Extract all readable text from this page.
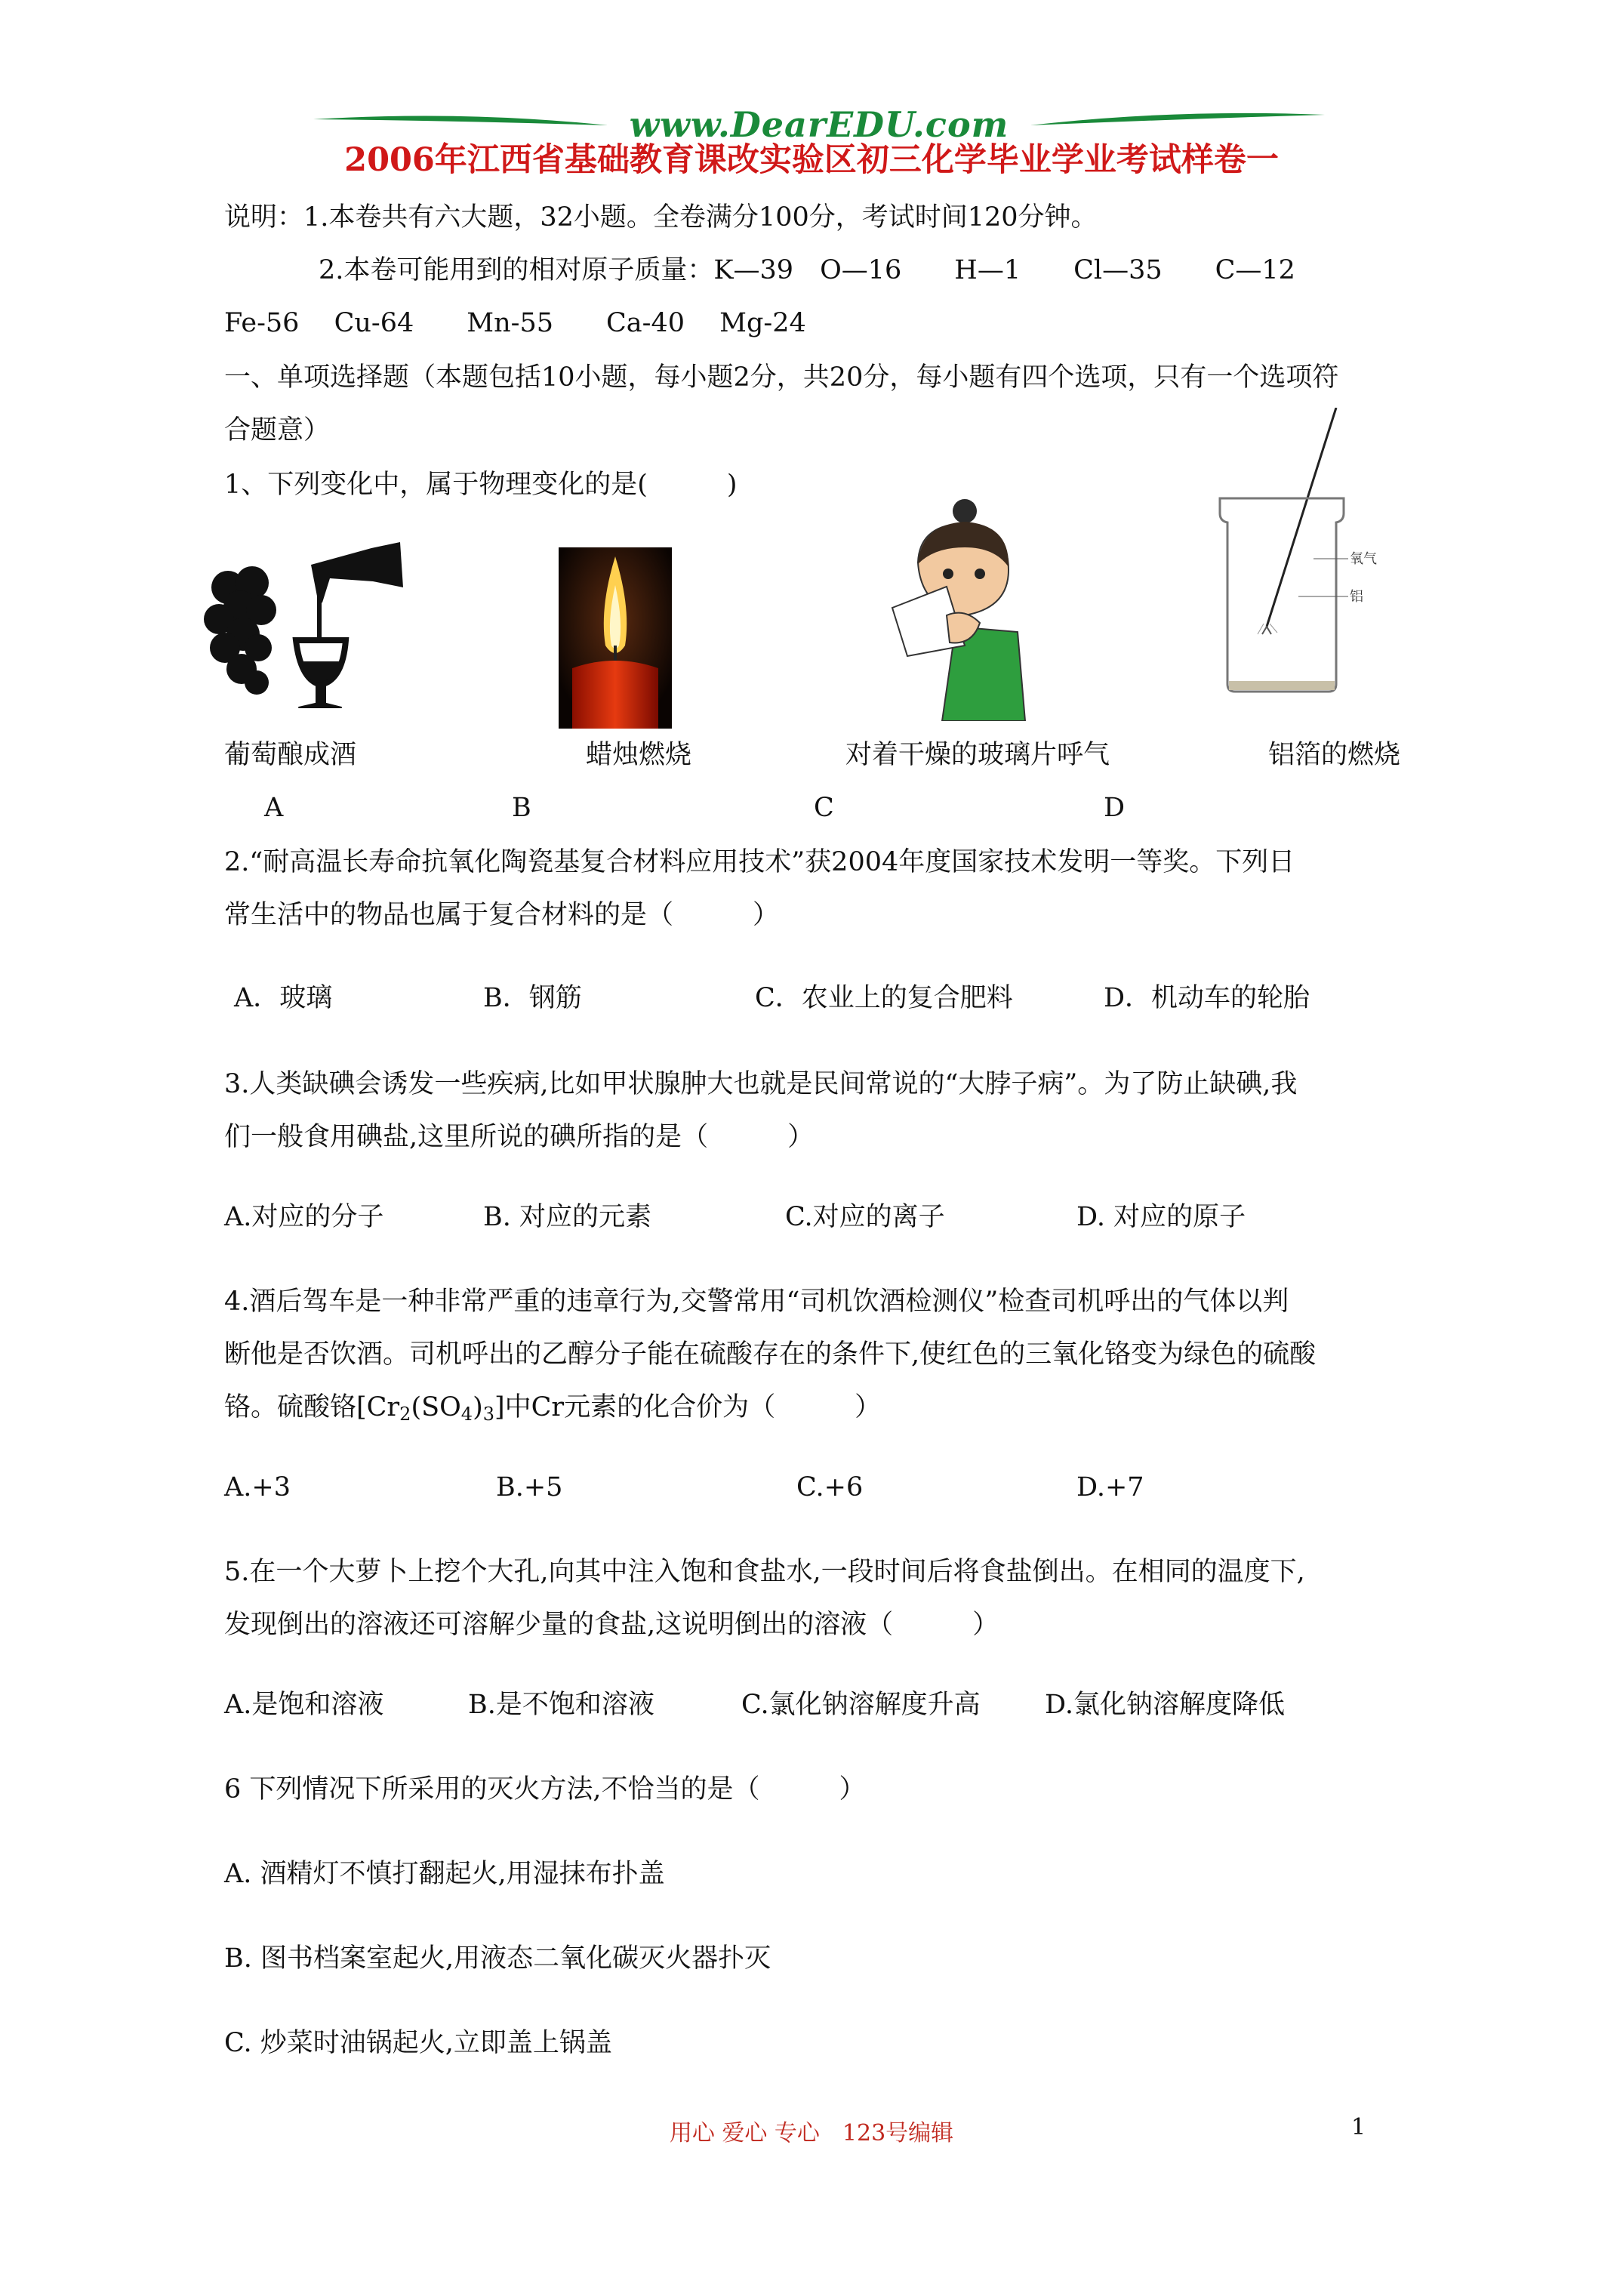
www.DearEDU.com
2006年江西省基础教育课改实验区初三化学毕业学业考试样卷一
说明：1.本卷共有六大题，32小题。全卷满分100分，考试时间120分钟。
2.本卷可能用到的相对原子质量：K—39　O—16　　H—1　　Cl—35　　C—12
Fe-56　 Cu-64　　Mn-55　　Ca-40　 Mg-24
一、单项选择题（本题包括10小题，每小题2分，共20分，每小题有四个选项，只有一个选项符
合题意）
1、下列变化中，属于物理变化的是(　　　)
氧气
铝
葡萄酿成酒	蜡烛燃烧	对着干燥的玻璃片呼气	铝箔的燃烧
A	B	C	D
2.“耐高温长寿命抗氧化陶瓷基复合材料应用技术”获2004年度国家技术发明一等奖。下列日
常生活中的物品也属于复合材料的是（　　　）
A．玻璃	B．钢筋	C．农业上的复合肥料	D．机动车的轮胎
3.人类缺碘会诱发一些疾病,比如甲状腺肿大也就是民间常说的“大脖子病”。为了防止缺碘,我
们一般食用碘盐,这里所说的碘所指的是（　　　）
A.对应的分子	B. 对应的元素	C.对应的离子	D. 对应的原子
4.酒后驾车是一种非常严重的违章行为,交警常用“司机饮酒检测仪”检查司机呼出的气体以判
断他是否饮酒。司机呼出的乙醇分子能在硫酸存在的条件下,使红色的三氧化铬变为绿色的硫酸
铬。硫酸铬$[Cr_2(SO_4)_3]$中Cr元素的化合价为（　　　）
A.+3	B.+5	C.+6	D.+7
5.在一个大萝卜上挖个大孔,向其中注入饱和食盐水,一段时间后将食盐倒出。在相同的温度下,
发现倒出的溶液还可溶解少量的食盐,这说明倒出的溶液（　　　）
A.是饱和溶液	B.是不饱和溶液	C.氯化钠溶解度升高 D.氯化钠溶解度降低
6 下列情况下所采用的灭火方法,不恰当的是（　　　）
A. 酒精灯不慎打翻起火,用湿抹布扑盖
B. 图书档案室起火,用液态二氧化碳灭火器扑灭
C. 炒菜时油锅起火,立即盖上锅盖
用心 爱心 专心　123号编辑	1
